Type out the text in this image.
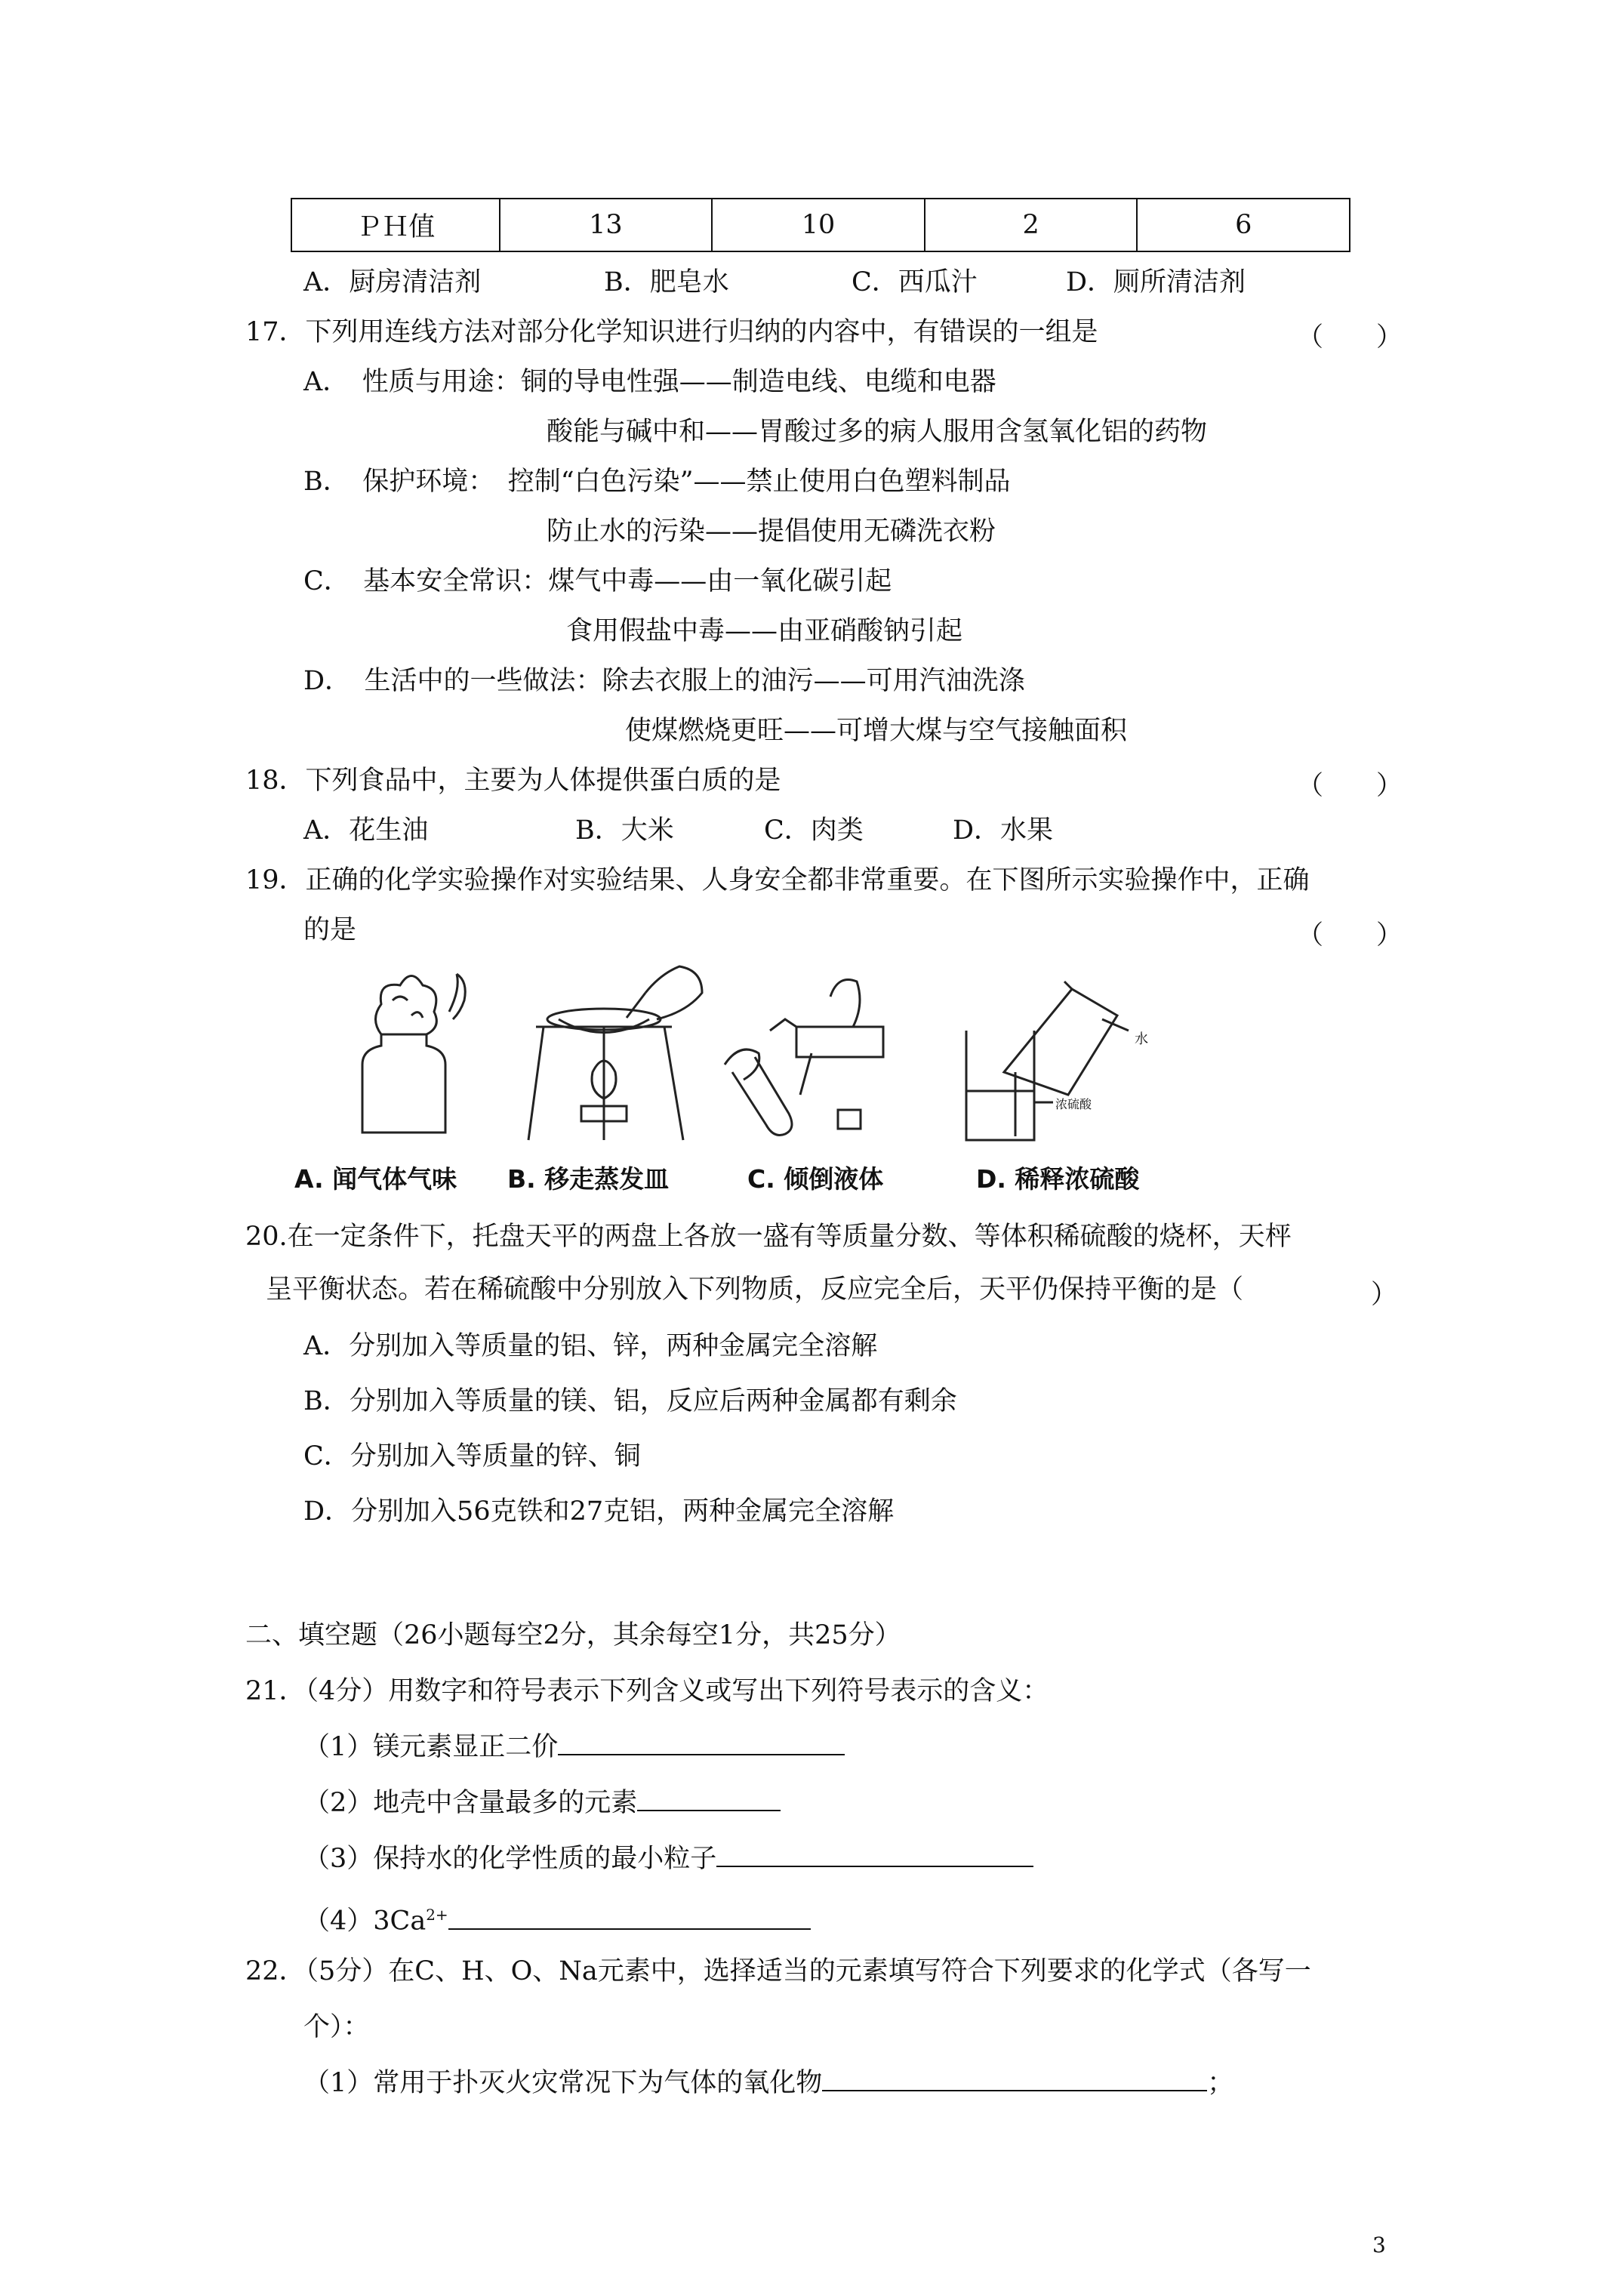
ＰＨ值	13	10	2	6
A．厨房清洁剂	B．肥皂水	C．西瓜汁	D．厕所清洁剂
17．下列用连线方法对部分化学知识进行归纳的内容中，有错误的一组是	（　　）
A．　性质与用途：铜的导电性强——制造电线、电缆和电器
酸能与碱中和——胃酸过多的病人服用含氢氧化铝的药物
B．　保护环境：　控制“白色污染”——禁止使用白色塑料制品
防止水的污染——提倡使用无磷洗衣粉
C．　基本安全常识：煤气中毒——由一氧化碳引起
食用假盐中毒——由亚硝酸钠引起
D．　生活中的一些做法：除去衣服上的油污——可用汽油洗涤
使煤燃烧更旺——可增大煤与空气接触面积
18．下列食品中，主要为人体提供蛋白质的是	（　　）
A．花生油	B．大米	C．肉类	D．水果
19．正确的化学实验操作对实验结果、人身安全都非常重要。在下图所示实验操作中，正确
的是	（　　）
A. 闻气体气味 B. 移走蒸发皿	C. 倾倒液体
水
浓硫酸
D. 稀释浓硫酸
20.在一定条件下，托盘天平的两盘上各放一盛有等质量分数、等体积稀硫酸的烧杯，天枰
呈平衡状态。若在稀硫酸中分别放入下列物质，反应完全后，天平仍保持平衡的是（	）
A．分别加入等质量的铝、锌，两种金属完全溶解
B．分别加入等质量的镁、铝，反应后两种金属都有剩余
C．分别加入等质量的锌、铜
D．分别加入56克铁和27克铝，两种金属完全溶解
二、填空题（26小题每空2分，其余每空1分，共25分）
21．（4分）用数字和符号表示下列含义或写出下列符号表示的含义：
（1）镁元素显正二价
（2）地壳中含量最多的元素
（3）保持水的化学性质的最小粒子
$(4)3Ca^{2+}$
22．（5分）在C、H、O、Na元素中，选择适当的元素填写符合下列要求的化学式（各写一
个）：
（1）常用于扑灭火灾常况下为气体的氧化物	；
3
